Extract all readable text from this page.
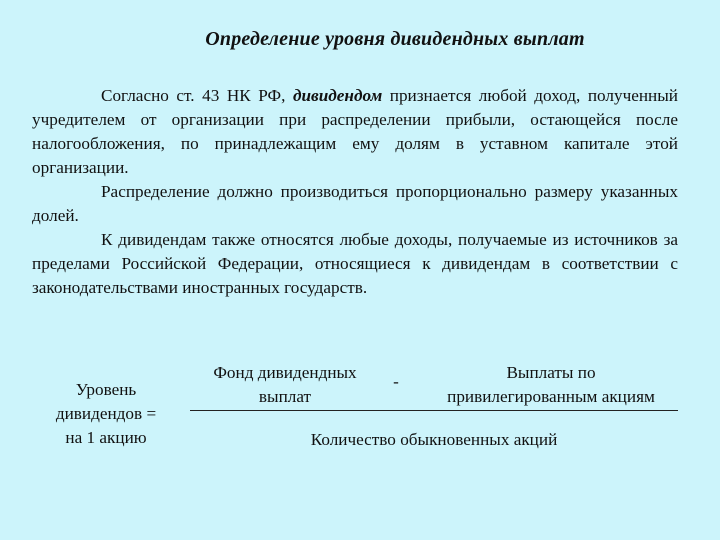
Определение уровня дивидендных выплат

Согласно ст. 43 НК РФ, дивидендом признается любой доход, полученный учредителем от организации при распределении прибыли, остающейся после налогообложения, по принадлежащим ему долям в уставном капитале этой организации.

Распределение должно производиться пропорционально размеру указанных долей.

К дивидендам также относятся любые доходы, получаемые из источников за пределами Российской Федерации, относящиеся к дивидендам в соответствии с законодательствами иностранных государств.

Уровень
дивидендов =
на 1 акцию
Фонд дивидендных
выплат
-	Выплаты по
привилегированным акциям
Количество обыкновенных акций
